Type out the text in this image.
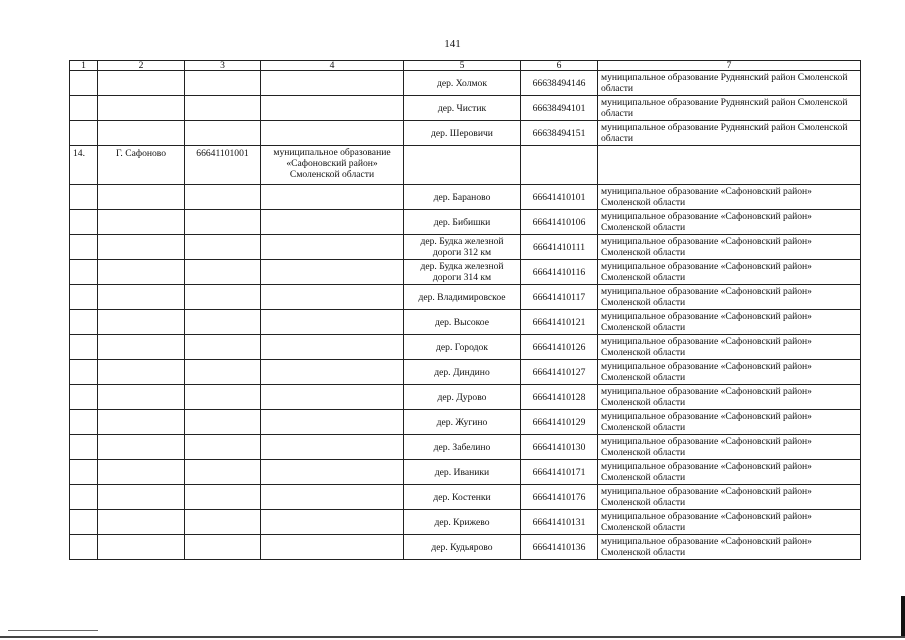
141
1	2	3	4	5	6	7
				дер. Холмок	66638494146	муниципальное образование Руднянский район Смоленской области
				дер. Чистик	66638494101	муниципальное образование Руднянский район Смоленской области
				дер. Шеровичи	66638494151	муниципальное образование Руднянский район Смоленской области
14.	Г. Сафоново	66641101001	муниципальное образование «Сафоновский район» Смоленской области			
				дер. Бараново	66641410101	муниципальное образование «Сафоновский район» Смоленской области
				дер. Бибишки	66641410106	муниципальное образование «Сафоновский район» Смоленской области
				дер. Будка железной дороги 312 км	66641410111	муниципальное образование «Сафоновский район» Смоленской области
				дер. Будка железной дороги 314 км	66641410116	муниципальное образование «Сафоновский район» Смоленской области
				дер. Владимировское	66641410117	муниципальное образование «Сафоновский район» Смоленской области
				дер. Высокое	66641410121	муниципальное образование «Сафоновский район» Смоленской области
				дер. Городок	66641410126	муниципальное образование «Сафоновский район» Смоленской области
				дер. Диндино	66641410127	муниципальное образование «Сафоновский район» Смоленской области
				дер. Дурово	66641410128	муниципальное образование «Сафоновский район» Смоленской области
				дер. Жугино	66641410129	муниципальное образование «Сафоновский район» Смоленской области
				дер. Забелино	66641410130	муниципальное образование «Сафоновский район» Смоленской области
				дер. Иваники	66641410171	муниципальное образование «Сафоновский район» Смоленской области
				дер. Костенки	66641410176	муниципальное образование «Сафоновский район» Смоленской области
				дер. Крижево	66641410131	муниципальное образование «Сафоновский район» Смоленской области
				дер. Кудьярово	66641410136	муниципальное образование «Сафоновский район» Смоленской области
